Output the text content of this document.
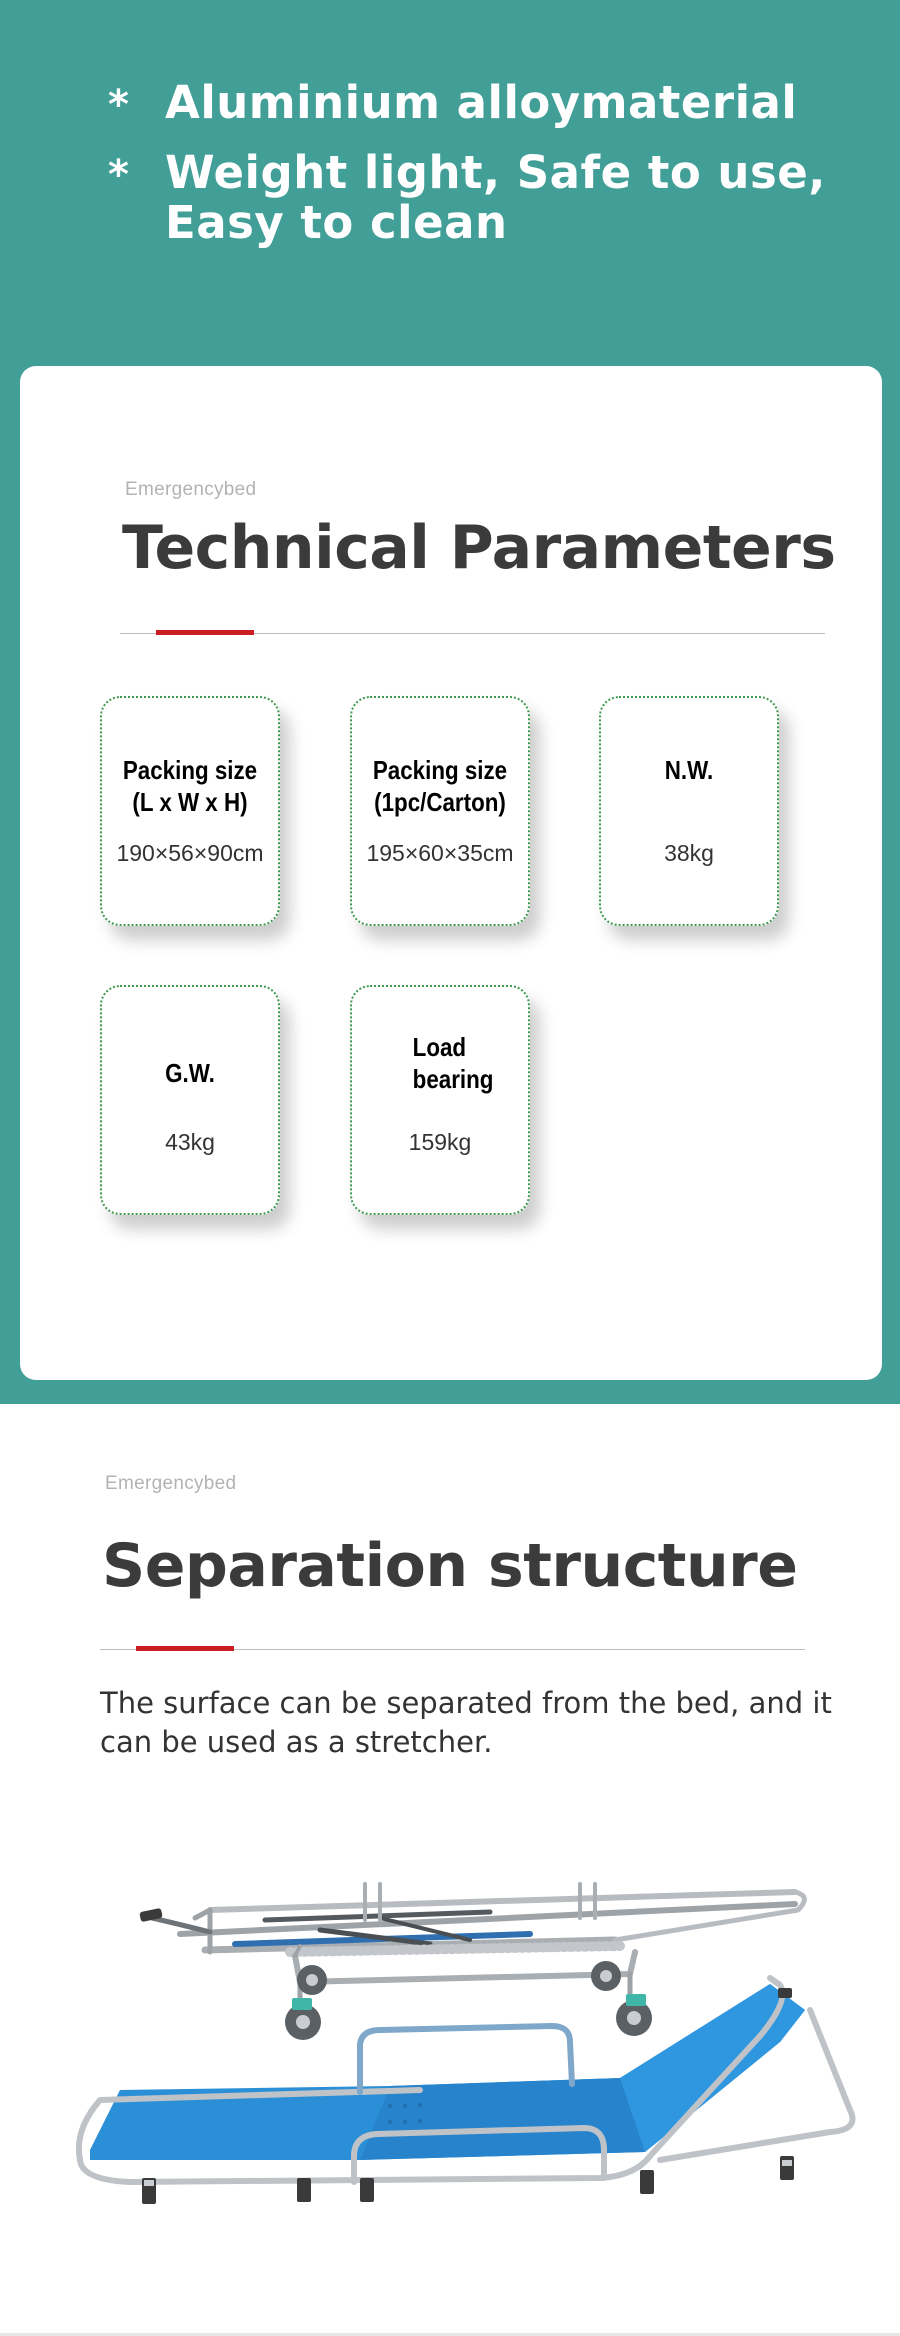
* Aluminium alloymaterial
* Weight light, Safe to use,
Easy to clean
Emergencybed
Technical Parameters
Packing size
(L x W x H)
190×56×90cm
Packing size
(1pc/Carton)
195×60×35cm
N.W.
38kg
G.W.
43kg
Load
bearing
159kg
Emergencybed
Separation structure

The surface can be separated from the bed, and it can be used as a stretcher.
